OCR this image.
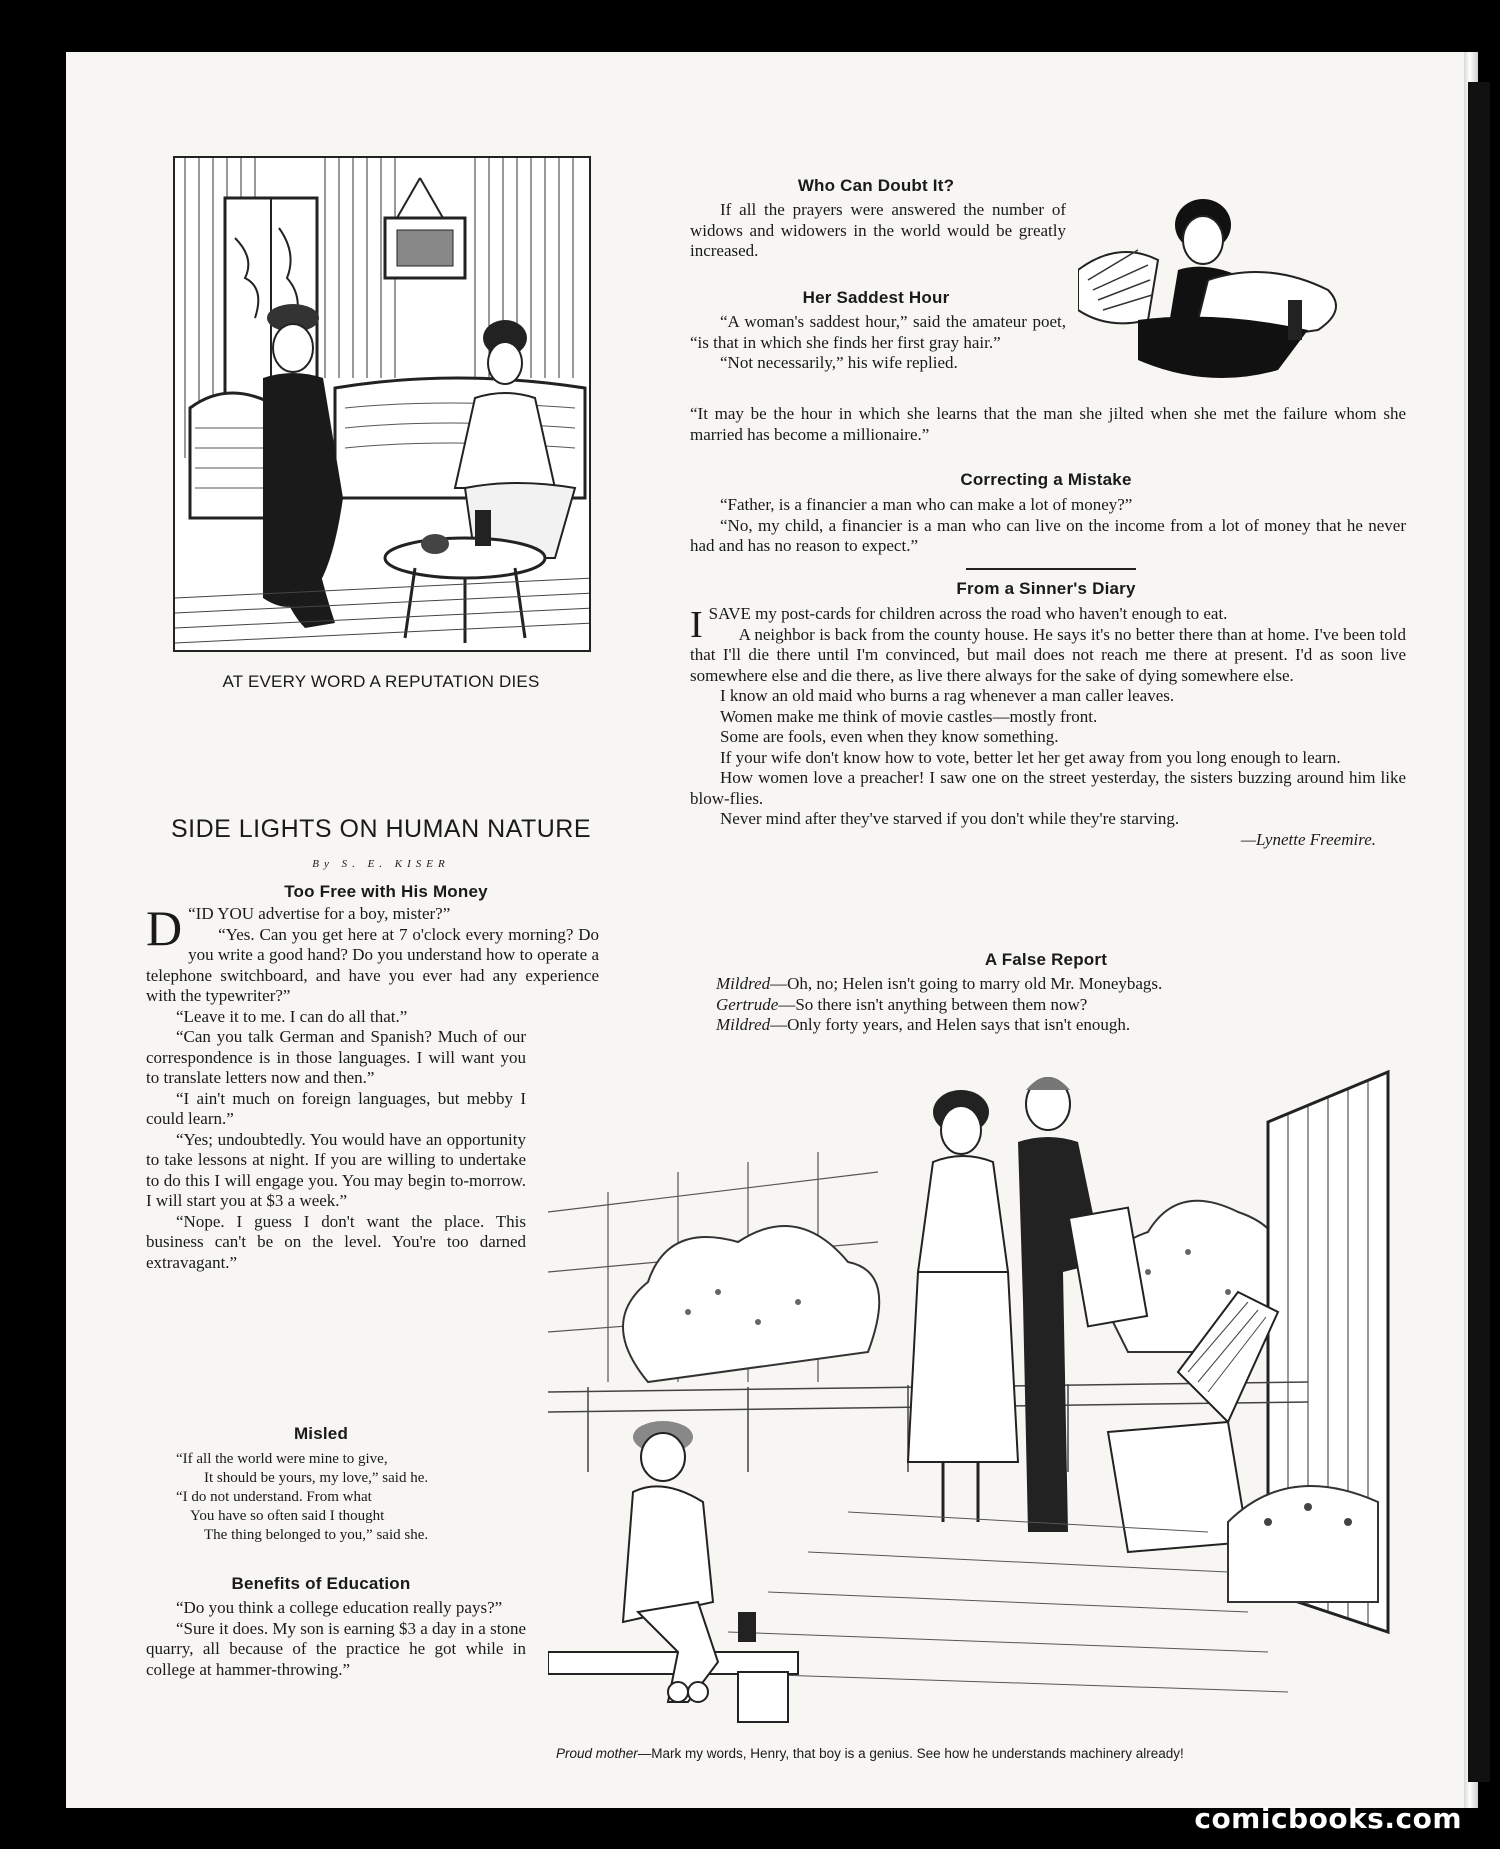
AT EVERY WORD A REPUTATION DIES
SIDE LIGHTS ON HUMAN NATURE
By S. E. KISER
Too Free with His Money
D “ID YOU advertise for a boy, mister?”

“Yes. Can you get here at 7 o'clock every morning? Do you write a good hand? Do you understand how to operate a telephone switchboard, and have you ever had any experience with the typewriter?”

“Leave it to me. I can do all that.”

“Can you talk German and Spanish? Much of our correspondence is in those languages. I will want you to translate letters now and then.”

“I ain't much on foreign languages, but mebby I could learn.”

“Yes; undoubtedly. You would have an opportunity to take lessons at night. If you are willing to undertake to do this I will engage you. You may begin to-morrow. I will start you at $3 a week.”

“Nope. I guess I don't want the place. This business can't be on the level. You're too darned extravagant.”

Misled
“If all the world were mine to give,
It should be yours, my love,” said he.
“I do not understand. From what
You have so often said I thought
The thing belonged to you,” said she.
Benefits of Education

“Do you think a college education really pays?”

“Sure it does. My son is earning $3 a day in a stone quarry, all because of the practice he got while in college at hammer-throwing.”

Who Can Doubt It?

If all the prayers were answered the number of widows and widowers in the world would be greatly increased.

Her Saddest Hour

“A woman's saddest hour,” said the amateur poet, “is that in which she finds her first gray hair.”

“Not necessarily,” his wife replied.

“It may be the hour in which she learns that the man she jilted when she met the failure whom she married has become a millionaire.”

Correcting a Mistake

“Father, is a financier a man who can make a lot of money?”

“No, my child, a financier is a man who can live on the income from a lot of money that he never had and has no reason to expect.”

From a Sinner's Diary
I SAVE my post-cards for children across the road who haven't enough to eat.

A neighbor is back from the county house. He says it's no better there than at home. I've been told that I'll die there until I'm convinced, but mail does not reach me there at present. I'd as soon live somewhere else and die there, as live there always for the sake of dying somewhere else.

I know an old maid who burns a rag whenever a man caller leaves.

Women make me think of movie castles—mostly front.

Some are fools, even when they know something.

If your wife don't know how to vote, better let her get away from you long enough to learn.

How women love a preacher! I saw one on the street yesterday, the sisters buzzing around him like blow-flies.

Never mind after they've starved if you don't while they're starving.

—Lynette Freemire.

A False Report
Mildred—Oh, no; Helen isn't going to marry old Mr. Moneybags.
Gertrude—So there isn't anything between them now?
Mildred—Only forty years, and Helen says that isn't enough.
Proud mother—Mark my words, Henry, that boy is a genius. See how he understands machinery already!
comicbooks.com
